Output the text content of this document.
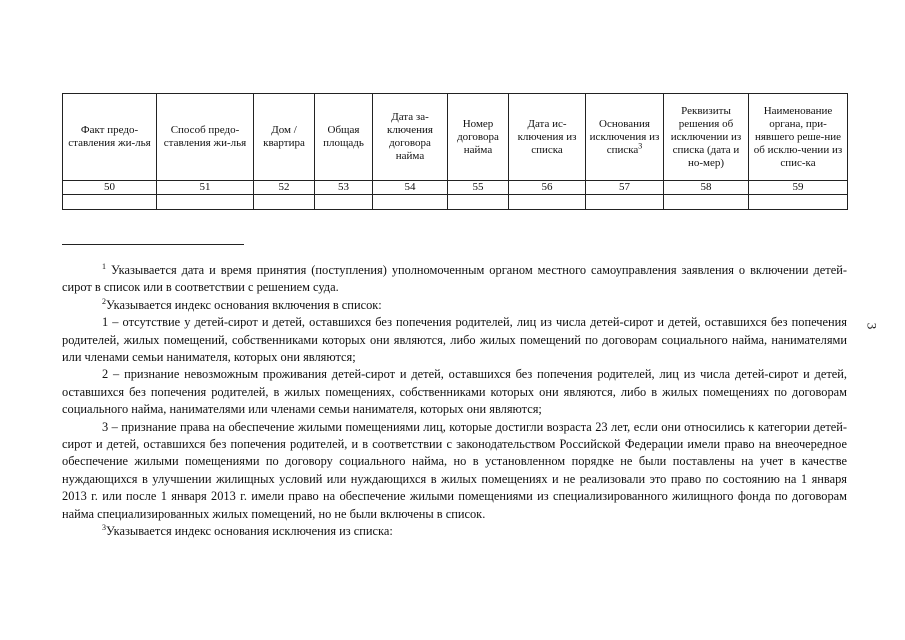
Факт предо-ставления жи-лья	Способ предо-ставления жи-лья	Дом / квартира	Общая площадь	Дата за-ключения договора найма	Номер договора найма	Дата ис-ключения из списка	Основания исключения из списка$^3$	Реквизиты решения об исключении из списка (дата и но-мер)	Наименование органа, при-нявшего реше-ние об исклю-чении из спис-ка
50	51	52	53	54	55	56	57	58	59

$^1$ Указывается дата и время принятия (поступления) уполномоченным органом местного самоуправления заявления о включении детей-сирот в список или в соответствии с решением суда.

$^2$Указывается индекс основания включения в список:

1 – отсутствие у детей-сирот и детей, оставшихся без попечения родителей, лиц из числа детей-сирот и детей, оставшихся без попечения родителей, жилых помещений, собственниками которых они являются, либо жилых помещений по договорам социального найма, нанимателями или членами семьи нанимателя, которых они являются;

2 – признание невозможным проживания детей-сирот и детей, оставшихся без попечения родителей, лиц из числа детей-сирот и детей, оставшихся без попечения родителей, в жилых помещениях, собственниками которых они являются, либо в жилых помещениях по договорам социального найма, нанимателями или членами семьи нанимателя, которых они являются;

3 – признание права на обеспечение жилыми помещениями лиц, которые достигли возраста 23 лет, если они относились к категории детей- сирот и детей, оставшихся без попечения родителей, и в соответствии с законодательством Российской Федерации имели право на внеочередное обеспечение жилыми помещениями по договору социального найма, но в установленном порядке не были поставлены на учет в качестве нуждающихся в улучшении жилищных условий или нуждающихся в жилых помещениях и не реализовали это право по состоянию на 1 января 2013 г. или после 1 января 2013 г. имели право на обеспечение жилыми помещениями из специализированного жилищного фонда по договорам найма специализированных жилых помещений, но не были включены в список.

$^3$Указывается индекс основания исключения из списка:

3
